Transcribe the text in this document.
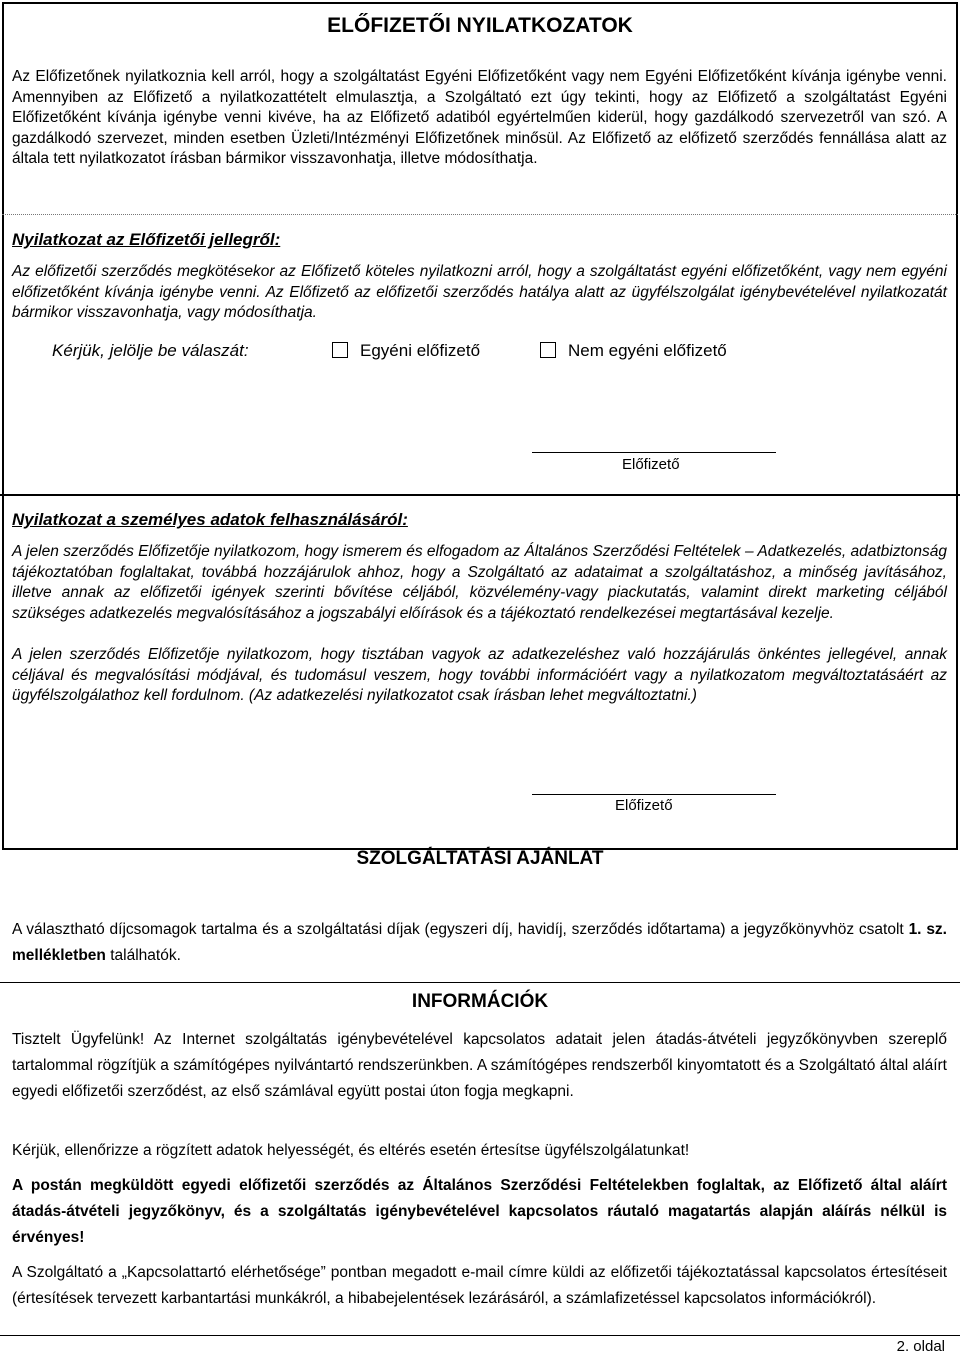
ELŐFIZETŐI NYILATKOZATOK
Az Előfizetőnek nyilatkoznia kell arról, hogy a szolgáltatást Egyéni Előfizetőként vagy nem Egyéni Előfizetőként kívánja igénybe venni. Amennyiben az Előfizető a nyilatkozattételt elmulasztja, a Szolgáltató ezt úgy tekinti, hogy az Előfizető a szolgáltatást Egyéni Előfizetőként kívánja igénybe venni kivéve, ha az Előfizető adatiból egyértelműen kiderül, hogy gazdálkodó szervezetről van szó. A gazdálkodó szervezet, minden esetben Üzleti/Intézményi Előfizetőnek minősül. Az Előfizető az előfizető szerződés fennállása alatt az általa tett nyilatkozatot írásban bármikor visszavonhatja, illetve módosíthatja.
Nyilatkozat az Előfizetői jellegről:
Az előfizetői szerződés megkötésekor az Előfizető köteles nyilatkozni arról, hogy a szolgáltatást egyéni előfizetőként, vagy nem egyéni előfizetőként kívánja igénybe venni. Az Előfizető az előfizetői szerződés hatálya alatt az ügyfélszolgálat igénybevételével nyilatkozatát bármikor visszavonhatja, vagy módosíthatja.
Kérjük, jelölje be válaszát:	Egyéni előfizető	Nem egyéni előfizető
Előfizető
Nyilatkozat a személyes adatok felhasználásáról:
A jelen szerződés Előfizetője nyilatkozom, hogy ismerem és elfogadom az Általános Szerződési Feltételek – Adatkezelés, adatbiztonság tájékoztatóban foglaltakat, továbbá hozzájárulok ahhoz, hogy a Szolgáltató az adataimat a szolgáltatáshoz, a minőség javításához, illetve annak az előfizetői igények szerinti bővítése céljából, közvélemény-vagy piackutatás, valamint direkt marketing céljából szükséges adatkezelés megvalósításához a jogszabályi előírások és a tájékoztató rendelkezései megtartásával kezelje.
A jelen szerződés Előfizetője nyilatkozom, hogy tisztában vagyok az adatkezeléshez való hozzájárulás önkéntes jellegével, annak céljával és megvalósítási módjával, és tudomásul veszem, hogy további információért vagy a nyilatkozatom megváltoztatásáért az ügyfélszolgálathoz kell fordulnom. (Az adatkezelési nyilatkozatot csak írásban lehet megváltoztatni.)
Előfizető
SZOLGÁLTATÁSI AJÁNLAT
A választható díjcsomagok tartalma és a szolgáltatási díjak (egyszeri díj, havidíj, szerződés időtartama) a jegyzőkönyvhöz csatolt 1. sz. mellékletben találhatók.
INFORMÁCIÓK
Tisztelt Ügyfelünk! Az Internet szolgáltatás igénybevételével kapcsolatos adatait jelen átadás-átvételi jegyzőkönyvben szereplő tartalommal rögzítjük a számítógépes nyilvántartó rendszerünkben. A számítógépes rendszerből kinyomtatott és a Szolgáltató által aláírt egyedi előfizetői szerződést, az első számlával együtt postai úton fogja megkapni.
Kérjük, ellenőrizze a rögzített adatok helyességét, és eltérés esetén értesítse ügyfélszolgálatunkat!
A postán megküldött egyedi előfizetői szerződés az Általános Szerződési Feltételekben foglaltak, az Előfizető által aláírt átadás-átvételi jegyzőkönyv, és a szolgáltatás igénybevételével kapcsolatos ráutaló magatartás alapján aláírás nélkül is érvényes!
A Szolgáltató a „Kapcsolattartó elérhetősége” pontban megadott e-mail címre küldi az előfizetői tájékoztatással kapcsolatos értesítéseit (értesítések tervezett karbantartási munkákról, a hibabejelentések lezárásáról, a számlafizetéssel kapcsolatos információkról).
2. oldal
